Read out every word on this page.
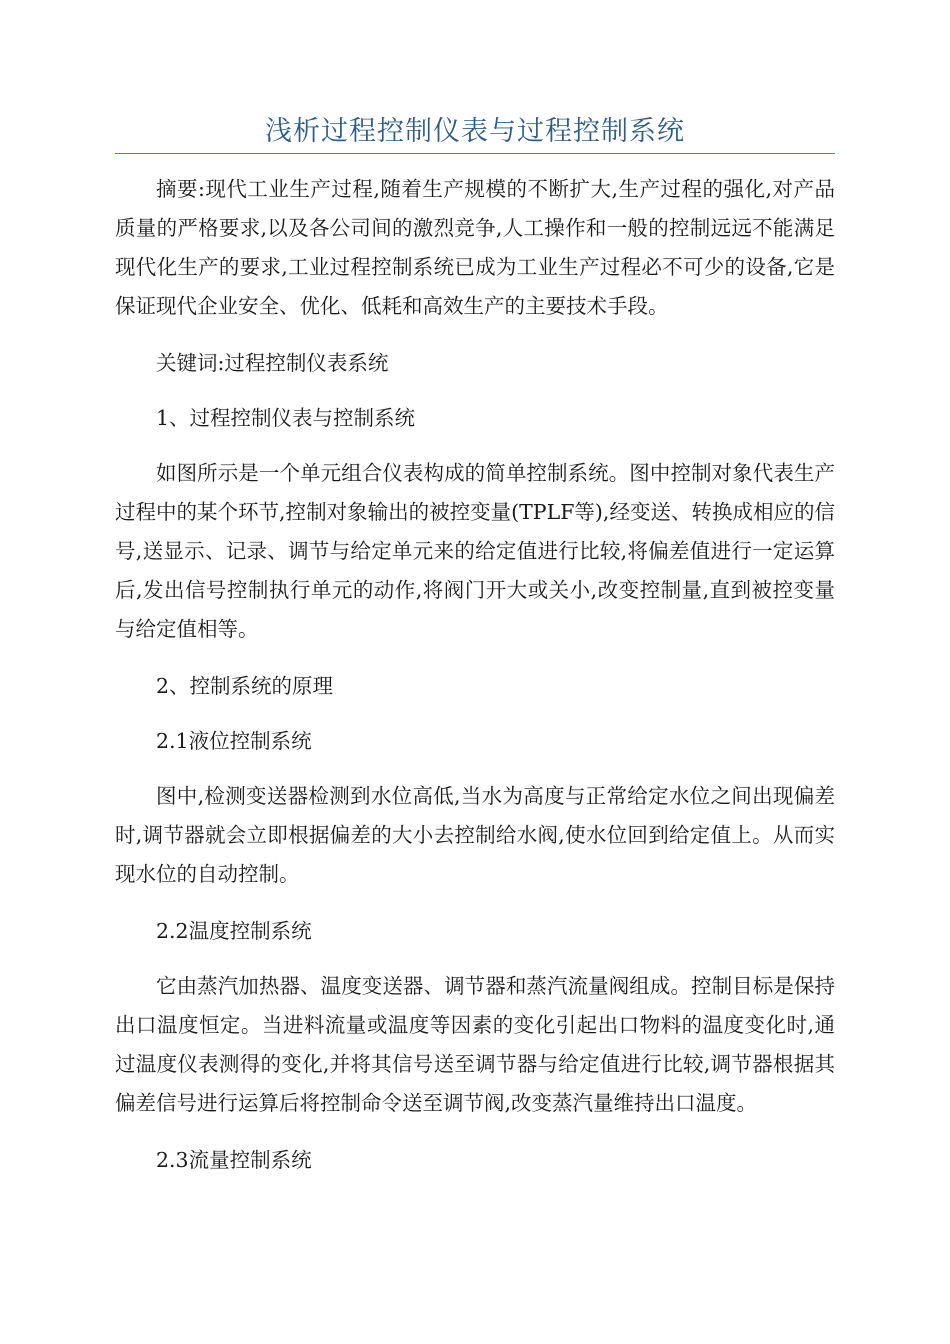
浅析过程控制仪表与过程控制系统

摘要:现代工业生产过程,随着生产规模的不断扩大,生产过程的强化,对产品质量的严格要求,以及各公司间的激烈竞争,人工操作和一般的控制远远不能满足现代化生产的要求,工业过程控制系统已成为工业生产过程必不可少的设备,它是保证现代企业安全、优化、低耗和高效生产的主要技术手段。

关键词:过程控制仪表系统

1、过程控制仪表与控制系统

如图所示是一个单元组合仪表构成的简单控制系统。图中控制对象代表生产过程中的某个环节,控制对象输出的被控变量(TPLF等),经变送、转换成相应的信号,送显示、记录、调节与给定单元来的给定值进行比较,将偏差值进行一定运算后,发出信号控制执行单元的动作,将阀门开大或关小,改变控制量,直到被控变量与给定值相等。

2、控制系统的原理

2.1液位控制系统

图中,检测变送器检测到水位高低,当水为高度与正常给定水位之间出现偏差时,调节器就会立即根据偏差的大小去控制给水阀,使水位回到给定值上。从而实现水位的自动控制。

2.2温度控制系统

它由蒸汽加热器、温度变送器、调节器和蒸汽流量阀组成。控制目标是保持出口温度恒定。当进料流量或温度等因素的变化引起出口物料的温度变化时,通过温度仪表测得的变化,并将其信号送至调节器与给定值进行比较,调节器根据其偏差信号进行运算后将控制命令送至调节阀,改变蒸汽量维持出口温度。

2.3流量控制系统
